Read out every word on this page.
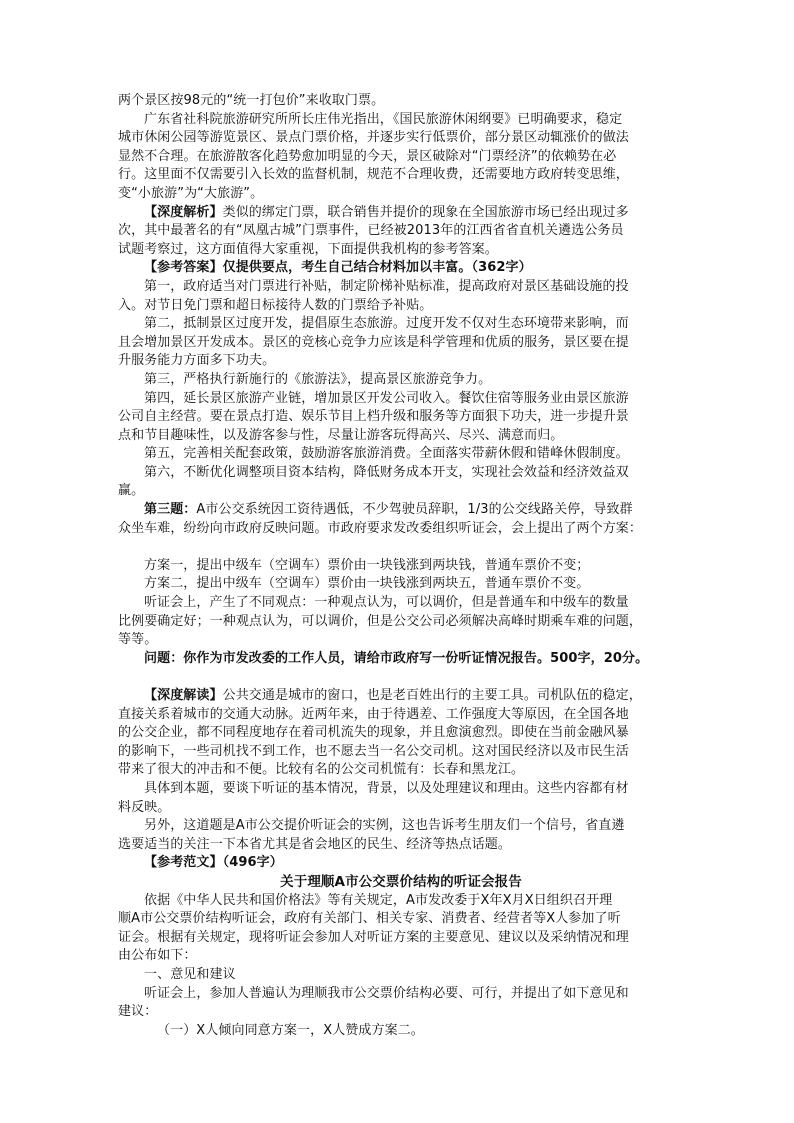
两个景区按98元的“统一打包价”来收取门票。
广东省社科院旅游研究所所长庄伟光指出，《国民旅游休闲纲要》已明确要求，稳定
城市休闲公园等游览景区、景点门票价格，并逐步实行低票价，部分景区动辄涨价的做法
显然不合理。在旅游散客化趋势愈加明显的今天，景区破除对“门票经济”的依赖势在必
行。这里面不仅需要引入长效的监督机制，规范不合理收费，还需要地方政府转变思维，
变“小旅游”为“大旅游”。
【深度解析】类似的绑定门票，联合销售并提价的现象在全国旅游市场已经出现过多
次，其中最著名的有“凤凰古城”门票事件，已经被2013年的江西省省直机关遴选公务员
试题考察过，这方面值得大家重视，下面提供我机构的参考答案。
【参考答案】仅提供要点，考生自己结合材料加以丰富。（362字）
第一，政府适当对门票进行补贴，制定阶梯补贴标准，提高政府对景区基础设施的投
入。对节日免门票和超日标接待人数的门票给予补贴。
第二，抵制景区过度开发，提倡原生态旅游。过度开发不仅对生态环境带来影响，而
且会增加景区开发成本。景区的竞核心竞争力应该是科学管理和优质的服务，景区要在提
升服务能力方面多下功夫。
第三，严格执行新施行的《旅游法》，提高景区旅游竞争力。
第四，延长景区旅游产业链，增加景区开发公司收入。餐饮住宿等服务业由景区旅游
公司自主经营。要在景点打造、娱乐节目上档升级和服务等方面狠下功夫，进一步提升景
点和节目趣味性，以及游客参与性，尽量让游客玩得高兴、尽兴、满意而归。
第五，完善相关配套政策，鼓励游客旅游消费。全面落实带薪休假和错峰休假制度。
第六，不断优化调整项目资本结构，降低财务成本开支，实现社会效益和经济效益双
赢。
第三题：A市公交系统因工资待遇低，不少驾驶员辞职，1/3的公交线路关停，导致群
众坐车难，纷纷向市政府反映问题。市政府要求发改委组织听证会，会上提出了两个方案：
方案一，提出中级车（空调车）票价由一块钱涨到两块钱，普通车票价不变；
方案二，提出中级车（空调车）票价由一块钱涨到两块五，普通车票价不变。
听证会上，产生了不同观点：一种观点认为，可以调价，但是普通车和中级车的数量
比例要确定好；一种观点认为，可以调价，但是公交公司必须解决高峰时期乘车难的问题，
等等。
问题：你作为市发改委的工作人员，请给市政府写一份听证情况报告。500字，20分。
【深度解读】公共交通是城市的窗口，也是老百姓出行的主要工具。司机队伍的稳定，
直接关系着城市的交通大动脉。近两年来，由于待遇差、工作强度大等原因，在全国各地
的公交企业，都不同程度地存在着司机流失的现象，并且愈演愈烈。即使在当前金融风暴
的影响下，一些司机找不到工作，也不愿去当一名公交司机。这对国民经济以及市民生活
带来了很大的冲击和不便。比较有名的公交司机慌有：长春和黑龙江。
具体到本题，要谈下听证的基本情况，背景，以及处理建议和理由。这些内容都有材
料反映。
另外，这道题是A市公交提价听证会的实例，这也告诉考生朋友们一个信号，省直遴
选要适当的关注一下本省尤其是省会地区的民生、经济等热点话题。
【参考范文】（496字）
关于理顺A市公交票价结构的听证会报告
依据《中华人民共和国价格法》等有关规定，A市发改委于X年X月X日组织召开理
顺A市公交票价结构听证会，政府有关部门、相关专家、消费者、经营者等X人参加了听
证会。根据有关规定，现将听证会参加人对听证方案的主要意见、建议以及采纳情况和理
由公布如下：
一、意见和建议
听证会上，参加人普遍认为理顺我市公交票价结构必要、可行，并提出了如下意见和
建议：
（一）X人倾向同意方案一，X人赞成方案二。
